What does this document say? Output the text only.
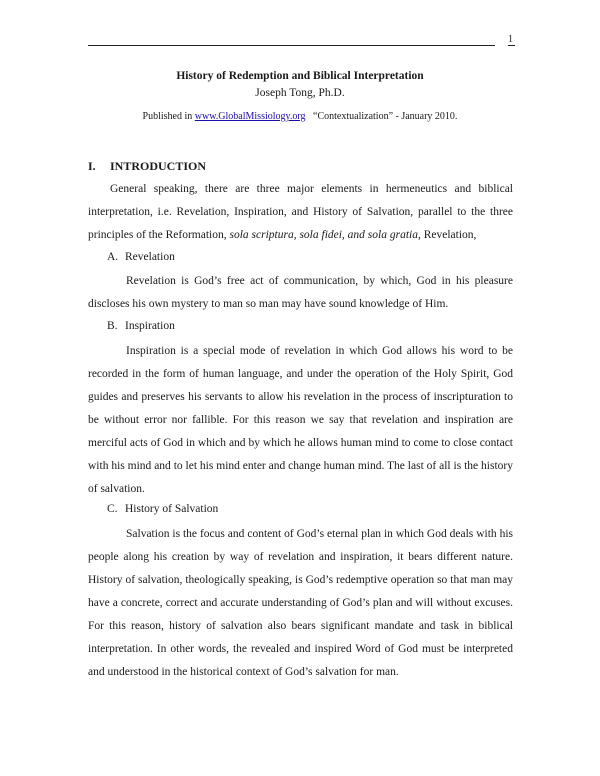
1
History of Redemption and Biblical Interpretation
Joseph Tong, Ph.D.
Published in www.GlobalMissiology.org “Contextualization” - January 2010.
I. INTRODUCTION

General speaking, there are three major elements in hermeneutics and biblical interpretation, i.e. Revelation, Inspiration, and History of Salvation, parallel to the three principles of the Reformation, sola scriptura, sola fidei, and sola gratia, Revelation,

A. Revelation

Revelation is God’s free act of communication, by which, God in his pleasure discloses his own mystery to man so man may have sound knowledge of Him.

B. Inspiration

Inspiration is a special mode of revelation in which God allows his word to be recorded in the form of human language, and under the operation of the Holy Spirit, God guides and preserves his servants to allow his revelation in the process of inscripturation to be without error nor fallible. For this reason we say that revelation and inspiration are merciful acts of God in which and by which he allows human mind to come to close contact with his mind and to let his mind enter and change human mind. The last of all is the history of salvation.

C. History of Salvation

Salvation is the focus and content of God’s eternal plan in which God deals with his people along his creation by way of revelation and inspiration, it bears different nature. History of salvation, theologically speaking, is God’s redemptive operation so that man may have a concrete, correct and accurate understanding of God’s plan and will without excuses. For this reason, history of salvation also bears significant mandate and task in biblical interpretation. In other words, the revealed and inspired Word of God must be interpreted and understood in the historical context of God’s salvation for man.
